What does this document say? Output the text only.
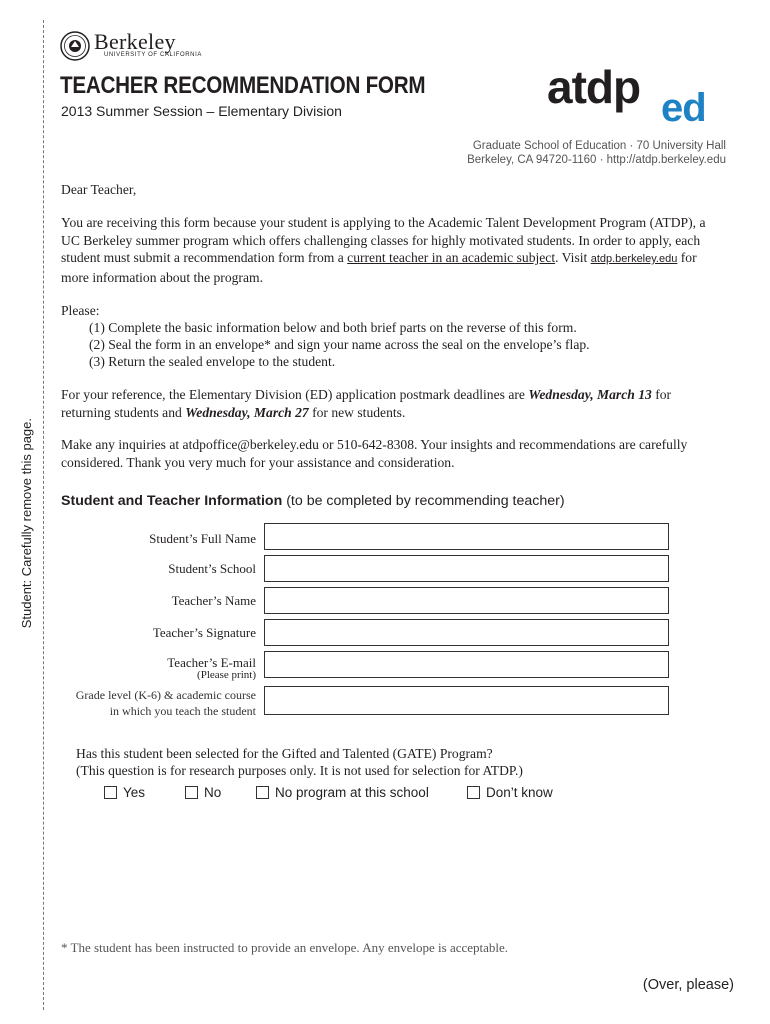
Student: Carefully remove this page.
Berkeley
UNIVERSITY OF CALIFORNIA
TEACHER RECOMMENDATION FORM
2013 Summer Session – Elementary Division	atdp ed
Graduate School of Education · 70 University Hall
Berkeley, CA 94720-1160 · http://atdp.berkeley.edu
Dear Teacher,
You are receiving this form because your student is applying to the Academic Talent Development Program (ATDP), a UC Berkeley summer program which offers challenging classes for highly motivated students. In order to apply, each student must submit a recommendation form from a current teacher in an academic subject. Visit atdp.berkeley.edu for more information about the program.
Please:
(1) Complete the basic information below and both brief parts on the reverse of this form.
(2) Seal the form in an envelope* and sign your name across the seal on the envelope’s flap.
(3) Return the sealed envelope to the student.
For your reference, the Elementary Division (ED) application postmark deadlines are Wednesday, March 13 for returning students and Wednesday, March 27 for new students.
Make any inquiries at atdpoffice@berkeley.edu or 510-642-8308. Your insights and recommendations are carefully considered. Thank you very much for your assistance and consideration.
Student and Teacher Information (to be completed by recommending teacher)
Student’s Full Name
Student’s School
Teacher’s Name
Teacher’s Signature
Teacher’s E-mail
(Please print)
Grade level (K-6) & academic course
in which you teach the student
Has this student been selected for the Gifted and Talented (GATE) Program?
(This question is for research purposes only. It is not used for selection for ATDP.)
Yes	No	No program at this school	Don’t know
* The student has been instructed to provide an envelope. Any envelope is acceptable.
(Over, please)
